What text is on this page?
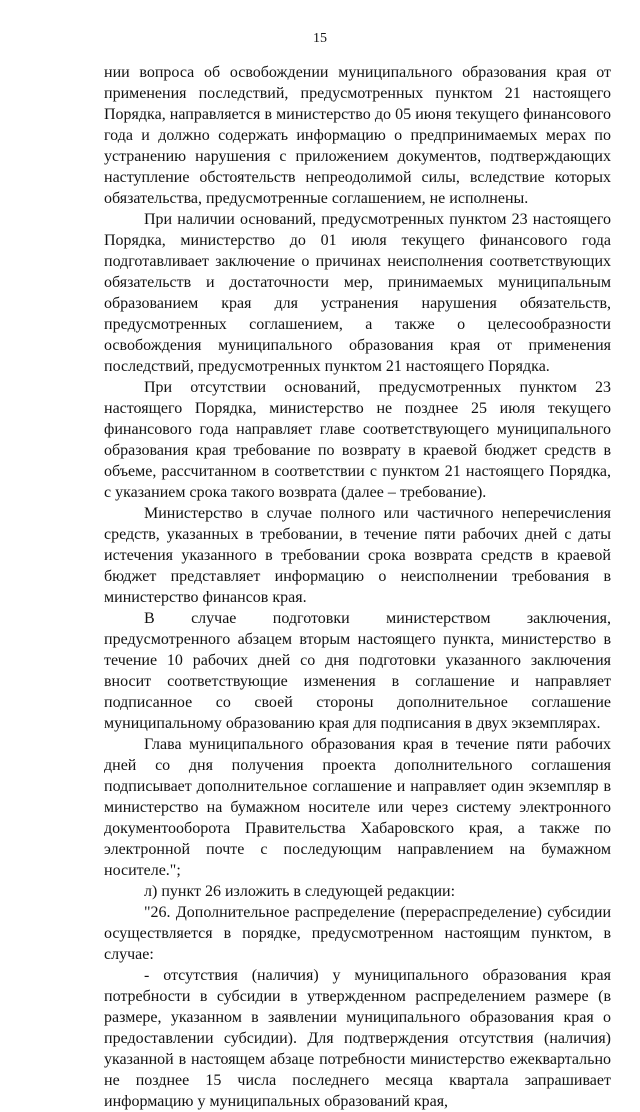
15

нии вопроса об освобождении муниципального образования края от применения последствий, предусмотренных пунктом 21 настоящего Порядка, направляется в министерство до 05 июня текущего финансового года и должно содержать информацию о предпринимаемых мерах по устранению нарушения с приложением документов, подтверждающих наступление обстоятельств непреодолимой силы, вследствие которых обязательства, предусмотренные соглашением, не исполнены.

При наличии оснований, предусмотренных пунктом 23 настоящего Порядка, министерство до 01 июля текущего финансового года подготавливает заключение о причинах неисполнения соответствующих обязательств и достаточности мер, принимаемых муниципальным образованием края для устранения нарушения обязательств, предусмотренных соглашением, а также о целесообразности освобождения муниципального образования края от применения последствий, предусмотренных пунктом 21 настоящего Порядка.

При отсутствии оснований, предусмотренных пунктом 23 настоящего Порядка, министерство не позднее 25 июля текущего финансового года направляет главе соответствующего муниципального образования края требование по возврату в краевой бюджет средств в объеме, рассчитанном в соответствии с пунктом 21 настоящего Порядка, с указанием срока такого возврата (далее – требование).

Министерство в случае полного или частичного неперечисления средств, указанных в требовании, в течение пяти рабочих дней с даты истечения указанного в требовании срока возврата средств в краевой бюджет представляет информацию о неисполнении требования в министерство финансов края.

В случае подготовки министерством заключения, предусмотренного абзацем вторым настоящего пункта, министерство в течение 10 рабочих дней со дня подготовки указанного заключения вносит соответствующие изменения в соглашение и направляет подписанное со своей стороны дополнительное соглашение муниципальному образованию края для подписания в двух экземплярах.

Глава муниципального образования края в течение пяти рабочих дней со дня получения проекта дополнительного соглашения подписывает дополнительное соглашение и направляет один экземпляр в министерство на бумажном носителе или через систему электронного документооборота Правительства Хабаровского края, а также по электронной почте с последующим направлением на бумажном носителе.";

л) пункт 26 изложить в следующей редакции:

"26. Дополнительное распределение (перераспределение) субсидии осуществляется в порядке, предусмотренном настоящим пунктом, в случае:

- отсутствия (наличия) у муниципального образования края потребности в субсидии в утвержденном распределением размере (в размере, указанном в заявлении муниципального образования края о предоставлении субсидии). Для подтверждения отсутствия (наличия) указанной в настоящем абзаце потребности министерство ежеквартально не позднее 15 числа последнего месяца квартала запрашивает информацию у муниципальных образований края,
